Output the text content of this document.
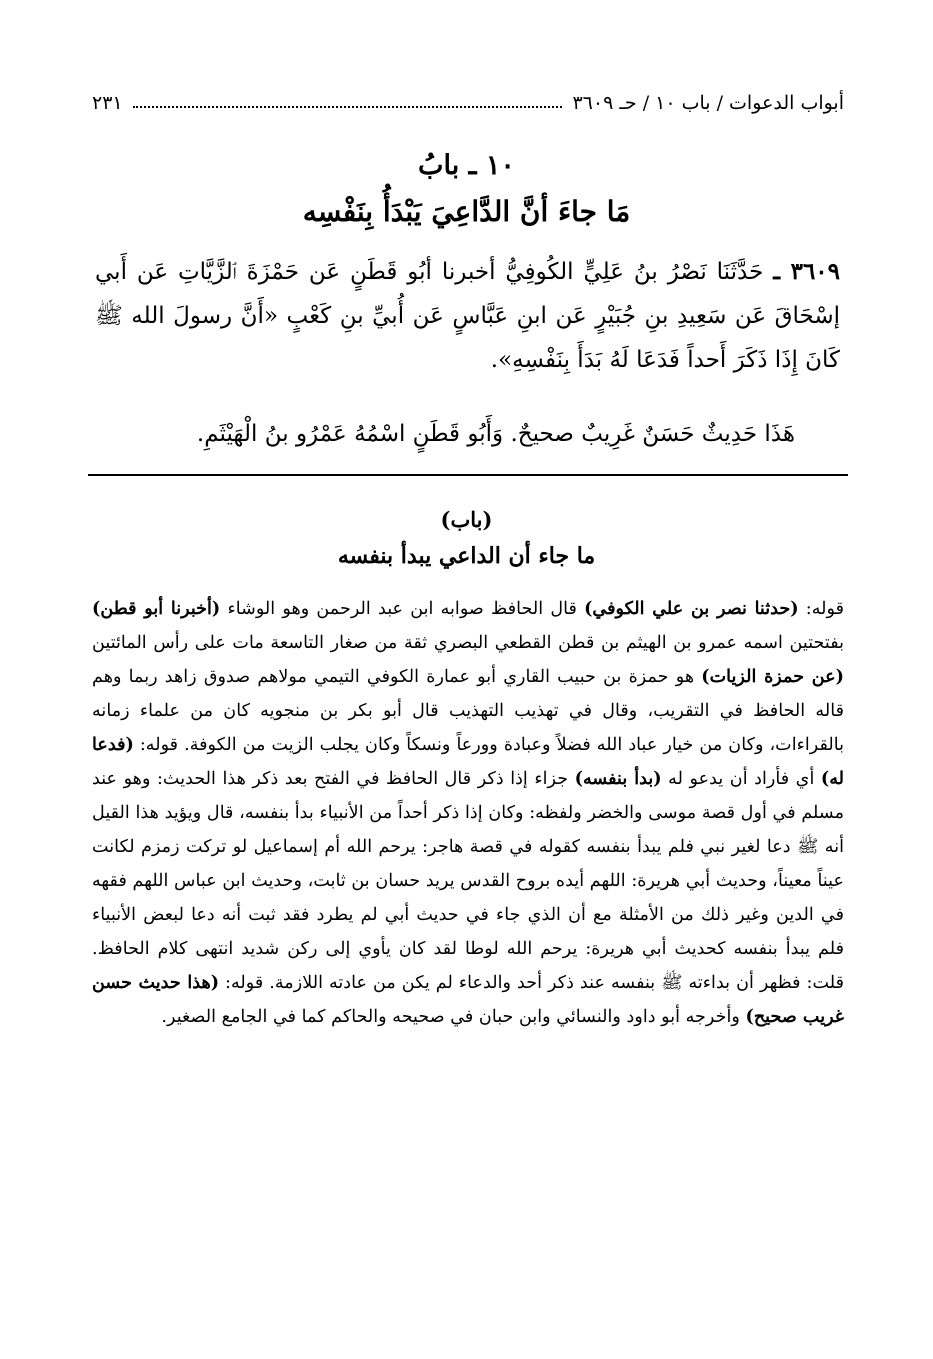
أبواب الدعوات / باب ١٠ / حـ ٣٦٠٩
٢٣١
١٠ ـ بابُ
مَا جاءَ أنَّ الدَّاعِيَ يَبْدَأُ بِنَفْسِه
٣٦٠٩ ـ حَدَّثَنَا نَصْرُ بنُ عَلِيٍّ الكُوفِيُّ أخبرنا أبُو قَطَنٍ عَن حَمْزَةَ ٱلزَّيَّاتِ عَن أَبي إسْحَاقَ عَن سَعِيدِ بنِ جُبَيْرٍ عَن ابنِ عَبَّاسٍ عَن أُبيِّ بنِ كَعْبٍ «أَنَّ رسولَ الله ﷺ كَانَ إِذَا ذَكَرَ أَحداً فَدَعَا لَهُ بَدَأَ بِنَفْسِهِ».
هَذَا حَدِيثٌ حَسَنٌ غَرِيبٌ صحيحٌ. وَأَبُو قَطَنٍ اسْمُهُ عَمْرُو بنُ الْهَيْثَمِ.
(باب)
ما جاء أن الداعي يبدأ بنفسه
قوله: (حدثنا نصر بن علي الكوفي) قال الحافظ صوابه ابن عبد الرحمن وهو الوشاء (أخبرنا أبو قطن) بفتحتين اسمه عمرو بن الهيثم بن قطن القطعي البصري ثقة من صغار التاسعة مات على رأس المائتين (عن حمزة الزيات) هو حمزة بن حبيب القاري أبو عمارة الكوفي التيمي مولاهم صدوق زاهد ربما وهم قاله الحافظ في التقريب، وقال في تهذيب التهذيب قال أبو بكر بن منجويه كان من علماء زمانه بالقراءات، وكان من خيار عباد الله فضلاً وعبادة وورعاً ونسكاً وكان يجلب الزيت من الكوفة. قوله: (فدعا له) أي فأراد أن يدعو له (بدأ بنفسه) جزاء إذا ذكر قال الحافظ في الفتح بعد ذكر هذا الحديث: وهو عند مسلم في أول قصة موسى والخضر ولفظه: وكان إذا ذكر أحداً من الأنبياء بدأ بنفسه، قال ويؤيد هذا القيل أنه ﷺ دعا لغير نبي فلم يبدأ بنفسه كقوله في قصة هاجر: يرحم الله أم إسماعيل لو تركت زمزم لكانت عيناً معيناً، وحديث أبي هريرة: اللهم أيده بروح القدس يريد حسان بن ثابت، وحديث ابن عباس اللهم فقهه في الدين وغير ذلك من الأمثلة مع أن الذي جاء في حديث أبي لم يطرد فقد ثبت أنه دعا لبعض الأنبياء فلم يبدأ بنفسه كحديث أبي هريرة: يرحم الله لوطا لقد كان يأوي إلى ركن شديد انتهى كلام الحافظ. قلت: فظهر أن بداءته ﷺ بنفسه عند ذكر أحد والدعاء لم يكن من عادته اللازمة. قوله: (هذا حديث حسن غريب صحيح) وأخرجه أبو داود والنسائي وابن حبان في صحيحه والحاكم كما في الجامع الصغير.
